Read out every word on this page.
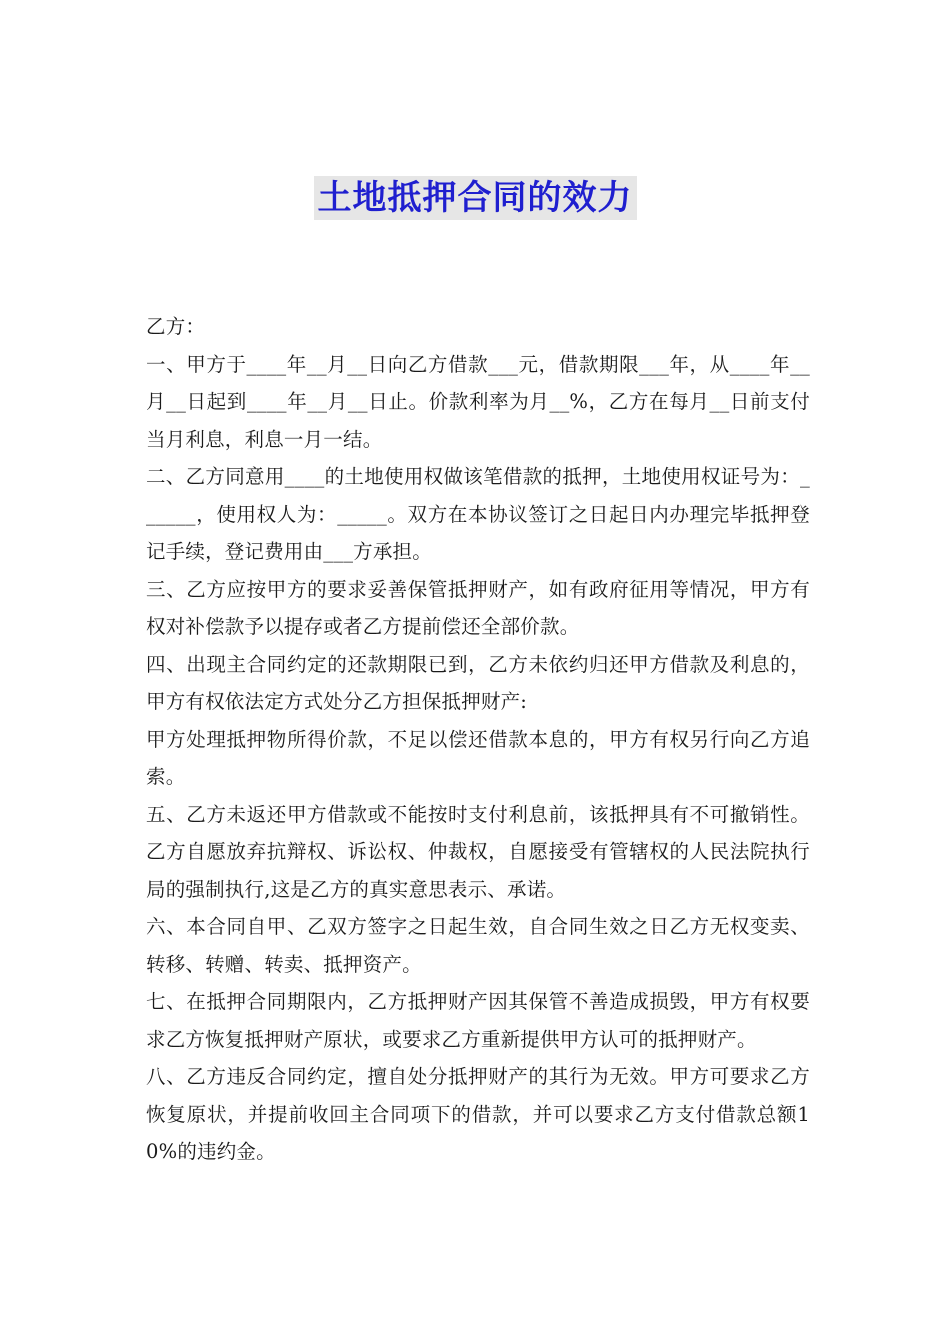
土地抵押合同的效力

乙方：

一、甲方于____年__月__日向乙方借款___元，借款期限___年，从____年__月__日起到____年__月__日止。价款利率为月__%，乙方在每月__日前支付当月利息，利息一月一结。

二、乙方同意用____的土地使用权做该笔借款的抵押，土地使用权证号为：______，使用权人为：_____。双方在本协议签订之日起日内办理完毕抵押登记手续，登记费用由___方承担。

三、乙方应按甲方的要求妥善保管抵押财产，如有政府征用等情况，甲方有权对补偿款予以提存或者乙方提前偿还全部价款。

四、出现主合同约定的还款期限已到，乙方未依约归还甲方借款及利息的，甲方有权依法定方式处分乙方担保抵押财产:

甲方处理抵押物所得价款，不足以偿还借款本息的，甲方有权另行向乙方追索。

五、乙方未返还甲方借款或不能按时支付利息前，该抵押具有不可撤销性。乙方自愿放弃抗辩权、诉讼权、仲裁权，自愿接受有管辖权的人民法院执行局的强制执行,这是乙方的真实意思表示、承诺。

六、本合同自甲、乙双方签字之日起生效，自合同生效之日乙方无权变卖、转移、转赠、转卖、抵押资产。

七、在抵押合同期限内，乙方抵押财产因其保管不善造成损毁，甲方有权要求乙方恢复抵押财产原状，或要求乙方重新提供甲方认可的抵押财产。

八、乙方违反合同约定，擅自处分抵押财产的其行为无效。甲方可要求乙方恢复原状，并提前收回主合同项下的借款，并可以要求乙方支付借款总额10%的违约金。
